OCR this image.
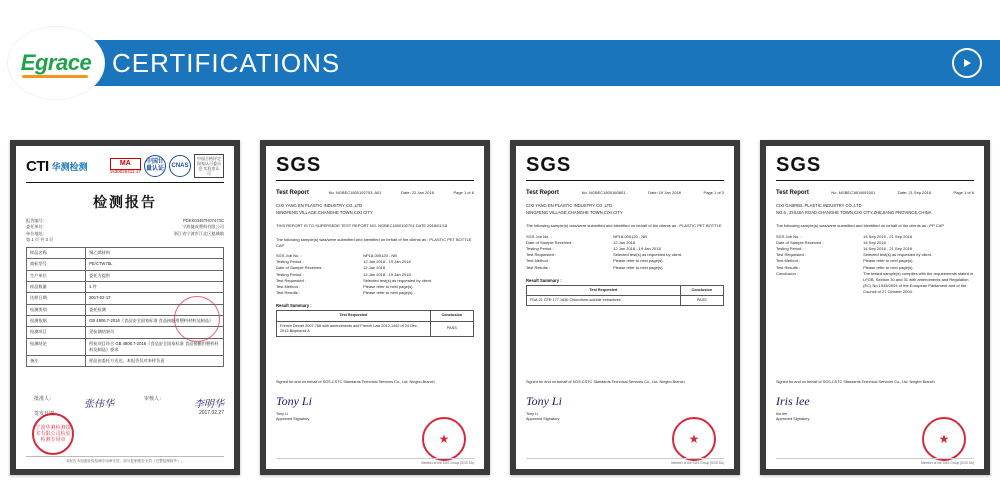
CERTIFICATIONS
Egrace
CTI 华测检测	MA
1530026412 17
中国计量认证
CNAS
中国合格评定国家认可委员会 实验室认可
检测报告
报告编号：	PDEK0346TH07473C
委托单位：	宁波捷成塑料有限公司
单位地址：	浙江省宁波市江北区慈城镇
第 1 页 共 3 页
样品名称	聚乙烯材料
商标型号	PE/CTW78L
生产单位	委托方提供
样品数量	1 件
送样日期	2017-02-17
检测类别	委托检测
检测依据	GB 4806.7-2016《食品安全国家标准 食品接触用塑料材料及制品》
检测项目	见检测结果页
检测结论	所检项目符合 GB 4806.7-2016《食品安全国家标准 食品接触用塑料材料及制品》要求
备注	样品由委托方送达，本报告仅对来样负责
批准人：	张伟华	审核人：	李明华
签发日期：	2017.02.27
宁波华测检测技术有限公司检验检测专用章
本报告未加盖检验检测专用章无效，部分复制报告无效（完整复制除外）。
SGS
Test Report	No. NGBEC1800192703. A01	Date: 22 Jan 2018	Page 1 of 6
CIXI YANG EN PLASTIC INDUSTRY CO.,LTD
NINGFENG VILLAGE,CHANGHE TOWN,CIXI CITY
THIS REPORT IS TO SUPERSEDE TEST REPORT NO. NGBEC1800192701 DATE 2018/01/18
The following sample(s) was/were submitted and identified on behalf of the clients as : PLASTIC PET BOTTLE CAP
SGS Job No. :	NP18-000120 - NB
Testing Period :	12 Jan 2018 - 19 Jan 2018
Date of Sample Received :	12 Jan 2018
Testing Period :	12 Jan 2018 - 19 Jan 2018
Test Requested :	Selected test(s) as requested by client.
Test Method :	Please refer to next page(s).
Test Results :	Please refer to next page(s).
Result Summary :
Test Requested	Conclusion
French Decret 2007-766 with amendments and French Law 2012-1442 of 24 Dec, 2012-Bisphenol A	PASS
Signed for and on behalf of SGS-CSTC Standards Technical Services Co., Ltd. Ningbo Branch
Tony Li
Tony Li
Approved Signatory
★
Member of the SGS Group (SGS SA)
SGS
Test Report	No. NGBEC1800160801	Date: 19 Jan 2018	Page 1 of 3
CIXI YANG EN PLASTIC INDUSTRY CO.,LTD
NINGFENG VILLAGE,CHANGHE TOWN,CIXI CITY
The following sample(s) was/were submitted and identified on behalf of the clients as : PLASTIC PET BOTTLE
SGS Job No. :	NP18-000120 - NB
Date of Sample Received :	12 Jan 2018
Testing Period :	12 Jan 2018 - 19 Jan 2018
Test Requested :	Selected test(s) as requested by client.
Test Method :	Please refer to next page(s).
Test Results :	Please refer to next page(s).
Result Summary :
Test Requested	Conclusion
FDA 21 CFR 177.1630 Chloroform-soluble extractives	PASS
Signed for and on behalf of SGS-CSTC Standards Technical Services Co., Ltd. Ningbo Branch
Tony Li
Tony Li
Approved Signatory
★
Member of the SGS Group (SGS SA)
SGS
Test Report	No. NGBEC1604091501	Date: 21 Sep 2016	Page 1 of 6
CIXI GABRIEL PLASTIC INDUSTRY CO.,LTD
NO.6 , ZHUJIA ROAD,CHANGHE TOWN,CIXI CITY,ZHEJIANG PROVINCE,CHINA
The following sample(s) was/were submitted and identified on behalf of the clients as : PP CAP
SGS Job No. :	14 Sep 2016 - 21 Sep 2016
Date of Sample Received :	14 Sep 2016
Testing Period :	14 Sep 2016 - 21 Sep 2016
Test Requested :	Selected test(s) as requested by client.
Test Method :	Please refer to next page(s).
Test Results :	Please refer to next page(s).
Conclusion :	The tested sample(s) complies with the requirements stated in LFGB, Section 30 and 31 with amendments and Regulation (EC) No.1935/2004 of the European Parliament and of the Council of 27 October 2004.
Signed for and on behalf of SGS-CSTC Standards Technical Services Co., Ltd. Ningbo Branch
Iris lee
Iris lee
Approved Signatory
★
Member of the SGS Group (SGS SA)
